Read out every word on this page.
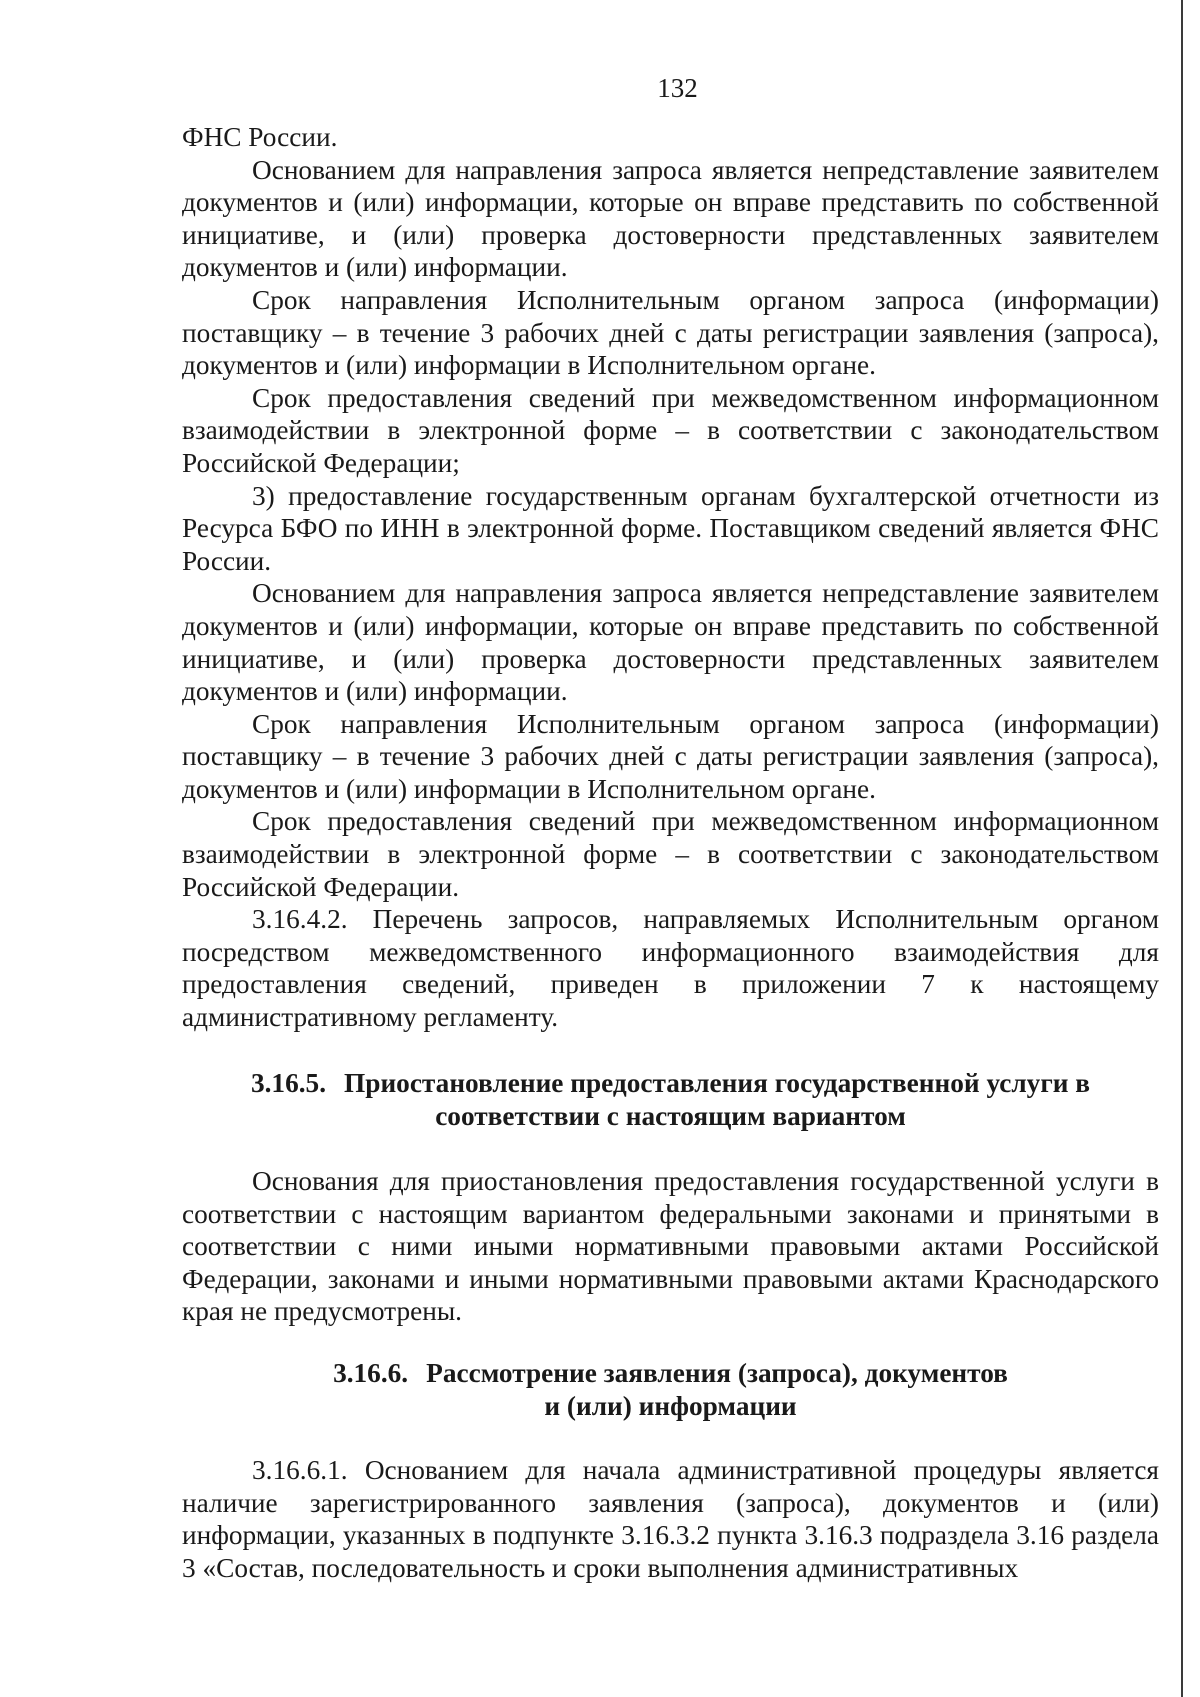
132

ФНС России.

Основанием для направления запроса является непредставление заявителем документов и (или) информации, которые он вправе представить по собственной инициативе, и (или) проверка достоверности представленных заявителем документов и (или) информации.

Срок направления Исполнительным органом запроса (информации) поставщику – в течение 3 рабочих дней с даты регистрации заявления (запроса), документов и (или) информации в Исполнительном органе.

Срок предоставления сведений при межведомственном информационном взаимодействии в электронной форме – в соответствии с законодательством Российской Федерации;

3) предоставление государственным органам бухгалтерской отчетности из Ресурса БФО по ИНН в электронной форме. Поставщиком сведений является ФНС России.

Основанием для направления запроса является непредставление заявителем документов и (или) информации, которые он вправе представить по собственной инициативе, и (или) проверка достоверности представленных заявителем документов и (или) информации.

Срок направления Исполнительным органом запроса (информации) поставщику – в течение 3 рабочих дней с даты регистрации заявления (запроса), документов и (или) информации в Исполнительном органе.

Срок предоставления сведений при межведомственном информационном взаимодействии в электронной форме – в соответствии с законодательством Российской Федерации.

3.16.4.2. Перечень запросов, направляемых Исполнительным органом посредством межведомственного информационного взаимодействия для предоставления сведений, приведен в приложении 7 к настоящему административному регламенту.

3.16.5. Приостановление предоставления государственной услуги в
соответствии с настоящим вариантом

Основания для приостановления предоставления государственной услуги в соответствии с настоящим вариантом федеральными законами и принятыми в соответствии с ними иными нормативными правовыми актами Российской Федерации, законами и иными нормативными правовыми актами Краснодарского края не предусмотрены.

3.16.6. Рассмотрение заявления (запроса), документов
и (или) информации

3.16.6.1. Основанием для начала административной процедуры является наличие зарегистрированного заявления (запроса), документов и (или) информации, указанных в подпункте 3.16.3.2 пункта 3.16.3 подраздела 3.16 раздела 3 «Состав, последовательность и сроки выполнения административных
